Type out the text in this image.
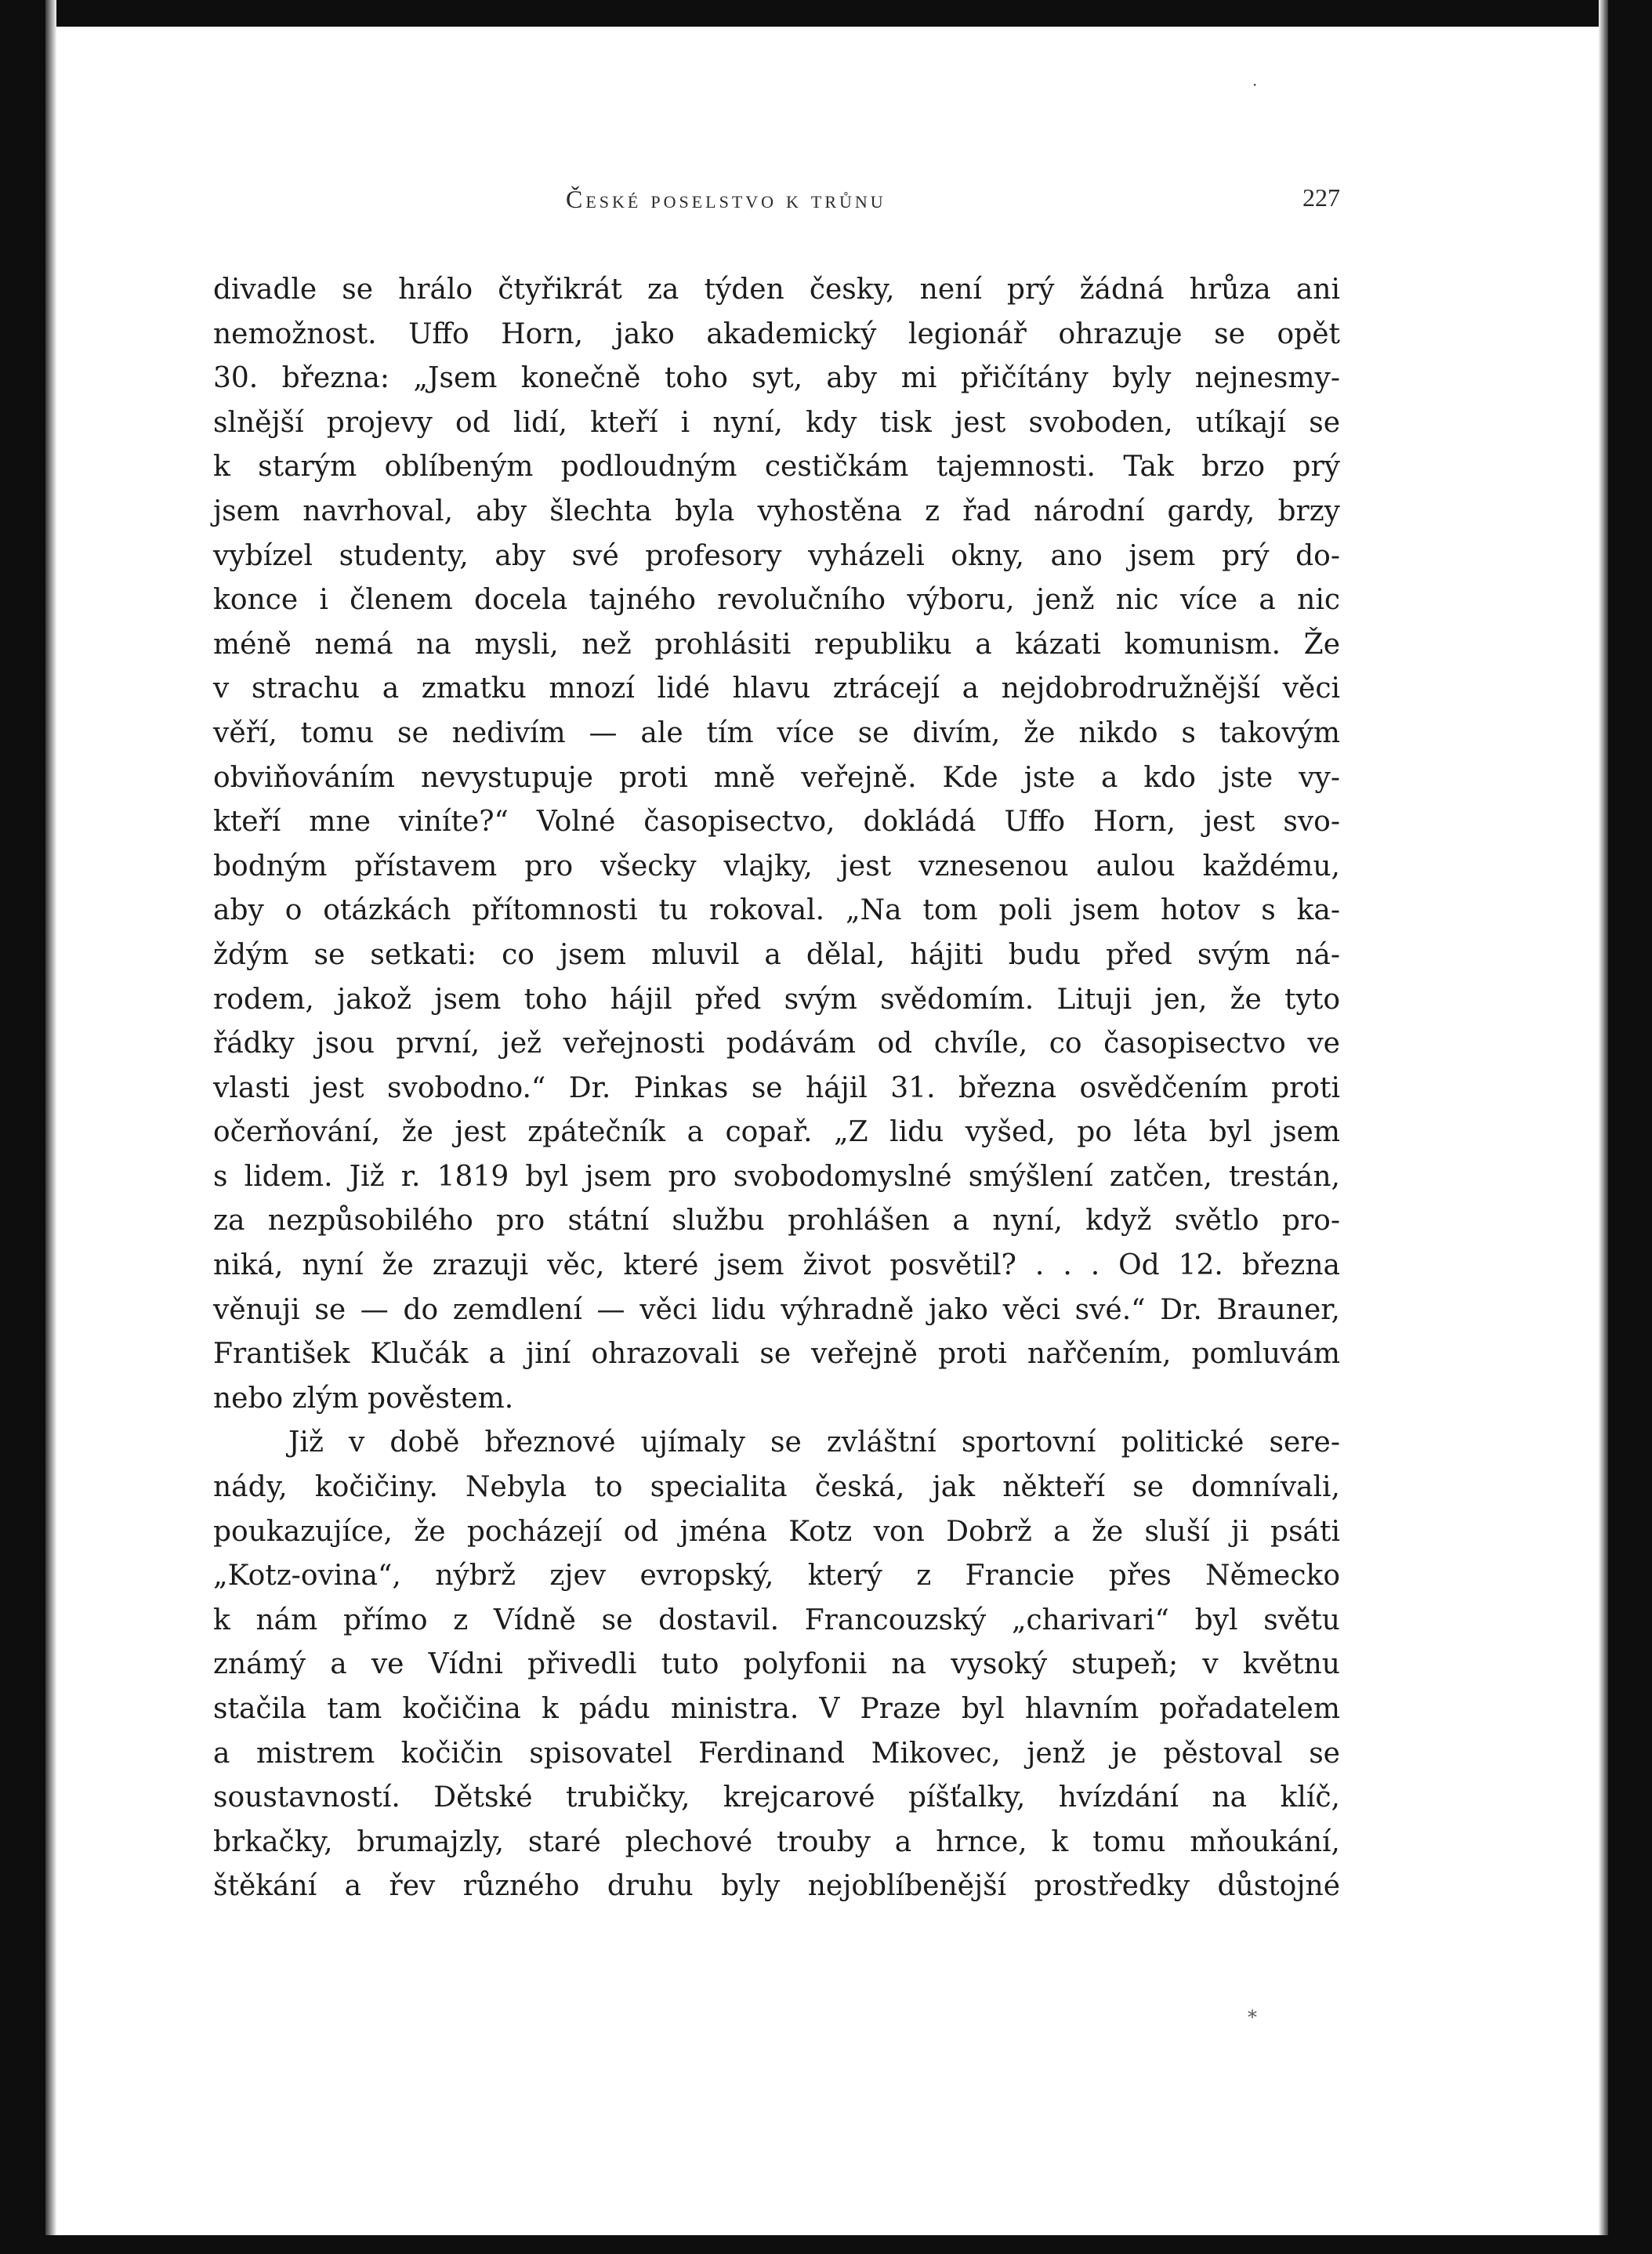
·
České poselstvo k trůnu	227
divadle se hrálo čtyřikrát za týden česky, není prý žádná hrůza ani
nemožnost. Uffo Horn, jako akademický legionář ohrazuje se opět
30. března: „Jsem konečně toho syt, aby mi přičítány byly nejnesmy-
slnější projevy od lidí, kteří i nyní, kdy tisk jest svoboden, utíkají se
k starým oblíbeným podloudným cestičkám tajemnosti. Tak brzo prý
jsem navrhoval, aby šlechta byla vyhostěna z řad národní gardy, brzy
vybízel studenty, aby své profesory vyházeli okny, ano jsem prý do-
konce i členem docela tajného revolučního výboru, jenž nic více a nic
méně nemá na mysli, než prohlásiti republiku a kázati komunism. Že
v strachu a zmatku mnozí lidé hlavu ztrácejí a nejdobrodružnější věci
věří, tomu se nedivím — ale tím více se divím, že nikdo s takovým
obviňováním nevystupuje proti mně veřejně. Kde jste a kdo jste vy-
kteří mne viníte?“ Volné časopisectvo, dokládá Uffo Horn, jest svo-
bodným přístavem pro všecky vlajky, jest vznesenou aulou každému,
aby o otázkách přítomnosti tu rokoval. „Na tom poli jsem hotov s ka-
ždým se setkati: co jsem mluvil a dělal, hájiti budu před svým ná-
rodem, jakož jsem toho hájil před svým svědomím. Lituji jen, že tyto
řádky jsou první, jež veřejnosti podávám od chvíle, co časopisectvo ve
vlasti jest svobodno.“ Dr. Pinkas se hájil 31. března osvědčením proti
očerňování, že jest zpátečník a copař. „Z lidu vyšed, po léta byl jsem
s lidem. Již r. 1819 byl jsem pro svobodomyslné smýšlení zatčen, trestán,
za nezpůsobilého pro státní službu prohlášen a nyní, když světlo pro-
niká, nyní že zrazuji věc, které jsem život posvětil? . . . Od 12. března
věnuji se — do zemdlení — věci lidu výhradně jako věci své.“ Dr. Brauner,
František Klučák a jiní ohrazovali se veřejně proti nařčením, pomluvám
nebo zlým pověstem.
Již v době březnové ujímaly se zvláštní sportovní politické sere-
nády, kočičiny. Nebyla to specialita česká, jak někteří se domnívali,
poukazujíce, že pocházejí od jména Kotz von Dobrž a že sluší ji psáti
„Kotz-ovina“, nýbrž zjev evropský, který z Francie přes Německo
k nám přímo z Vídně se dostavil. Francouzský „charivari“ byl světu
známý a ve Vídni přivedli tuto polyfonii na vysoký stupeň; v květnu
stačila tam kočičina k pádu ministra. V Praze byl hlavním pořadatelem
a mistrem kočičin spisovatel Ferdinand Mikovec, jenž je pěstoval se
soustavností. Dětské trubičky, krejcarové píšťalky, hvízdání na klíč,
brkačky, brumajzly, staré plechové trouby a hrnce, k tomu mňoukání,
štěkání a řev různého druhu byly nejoblíbenější prostředky důstojné
*
